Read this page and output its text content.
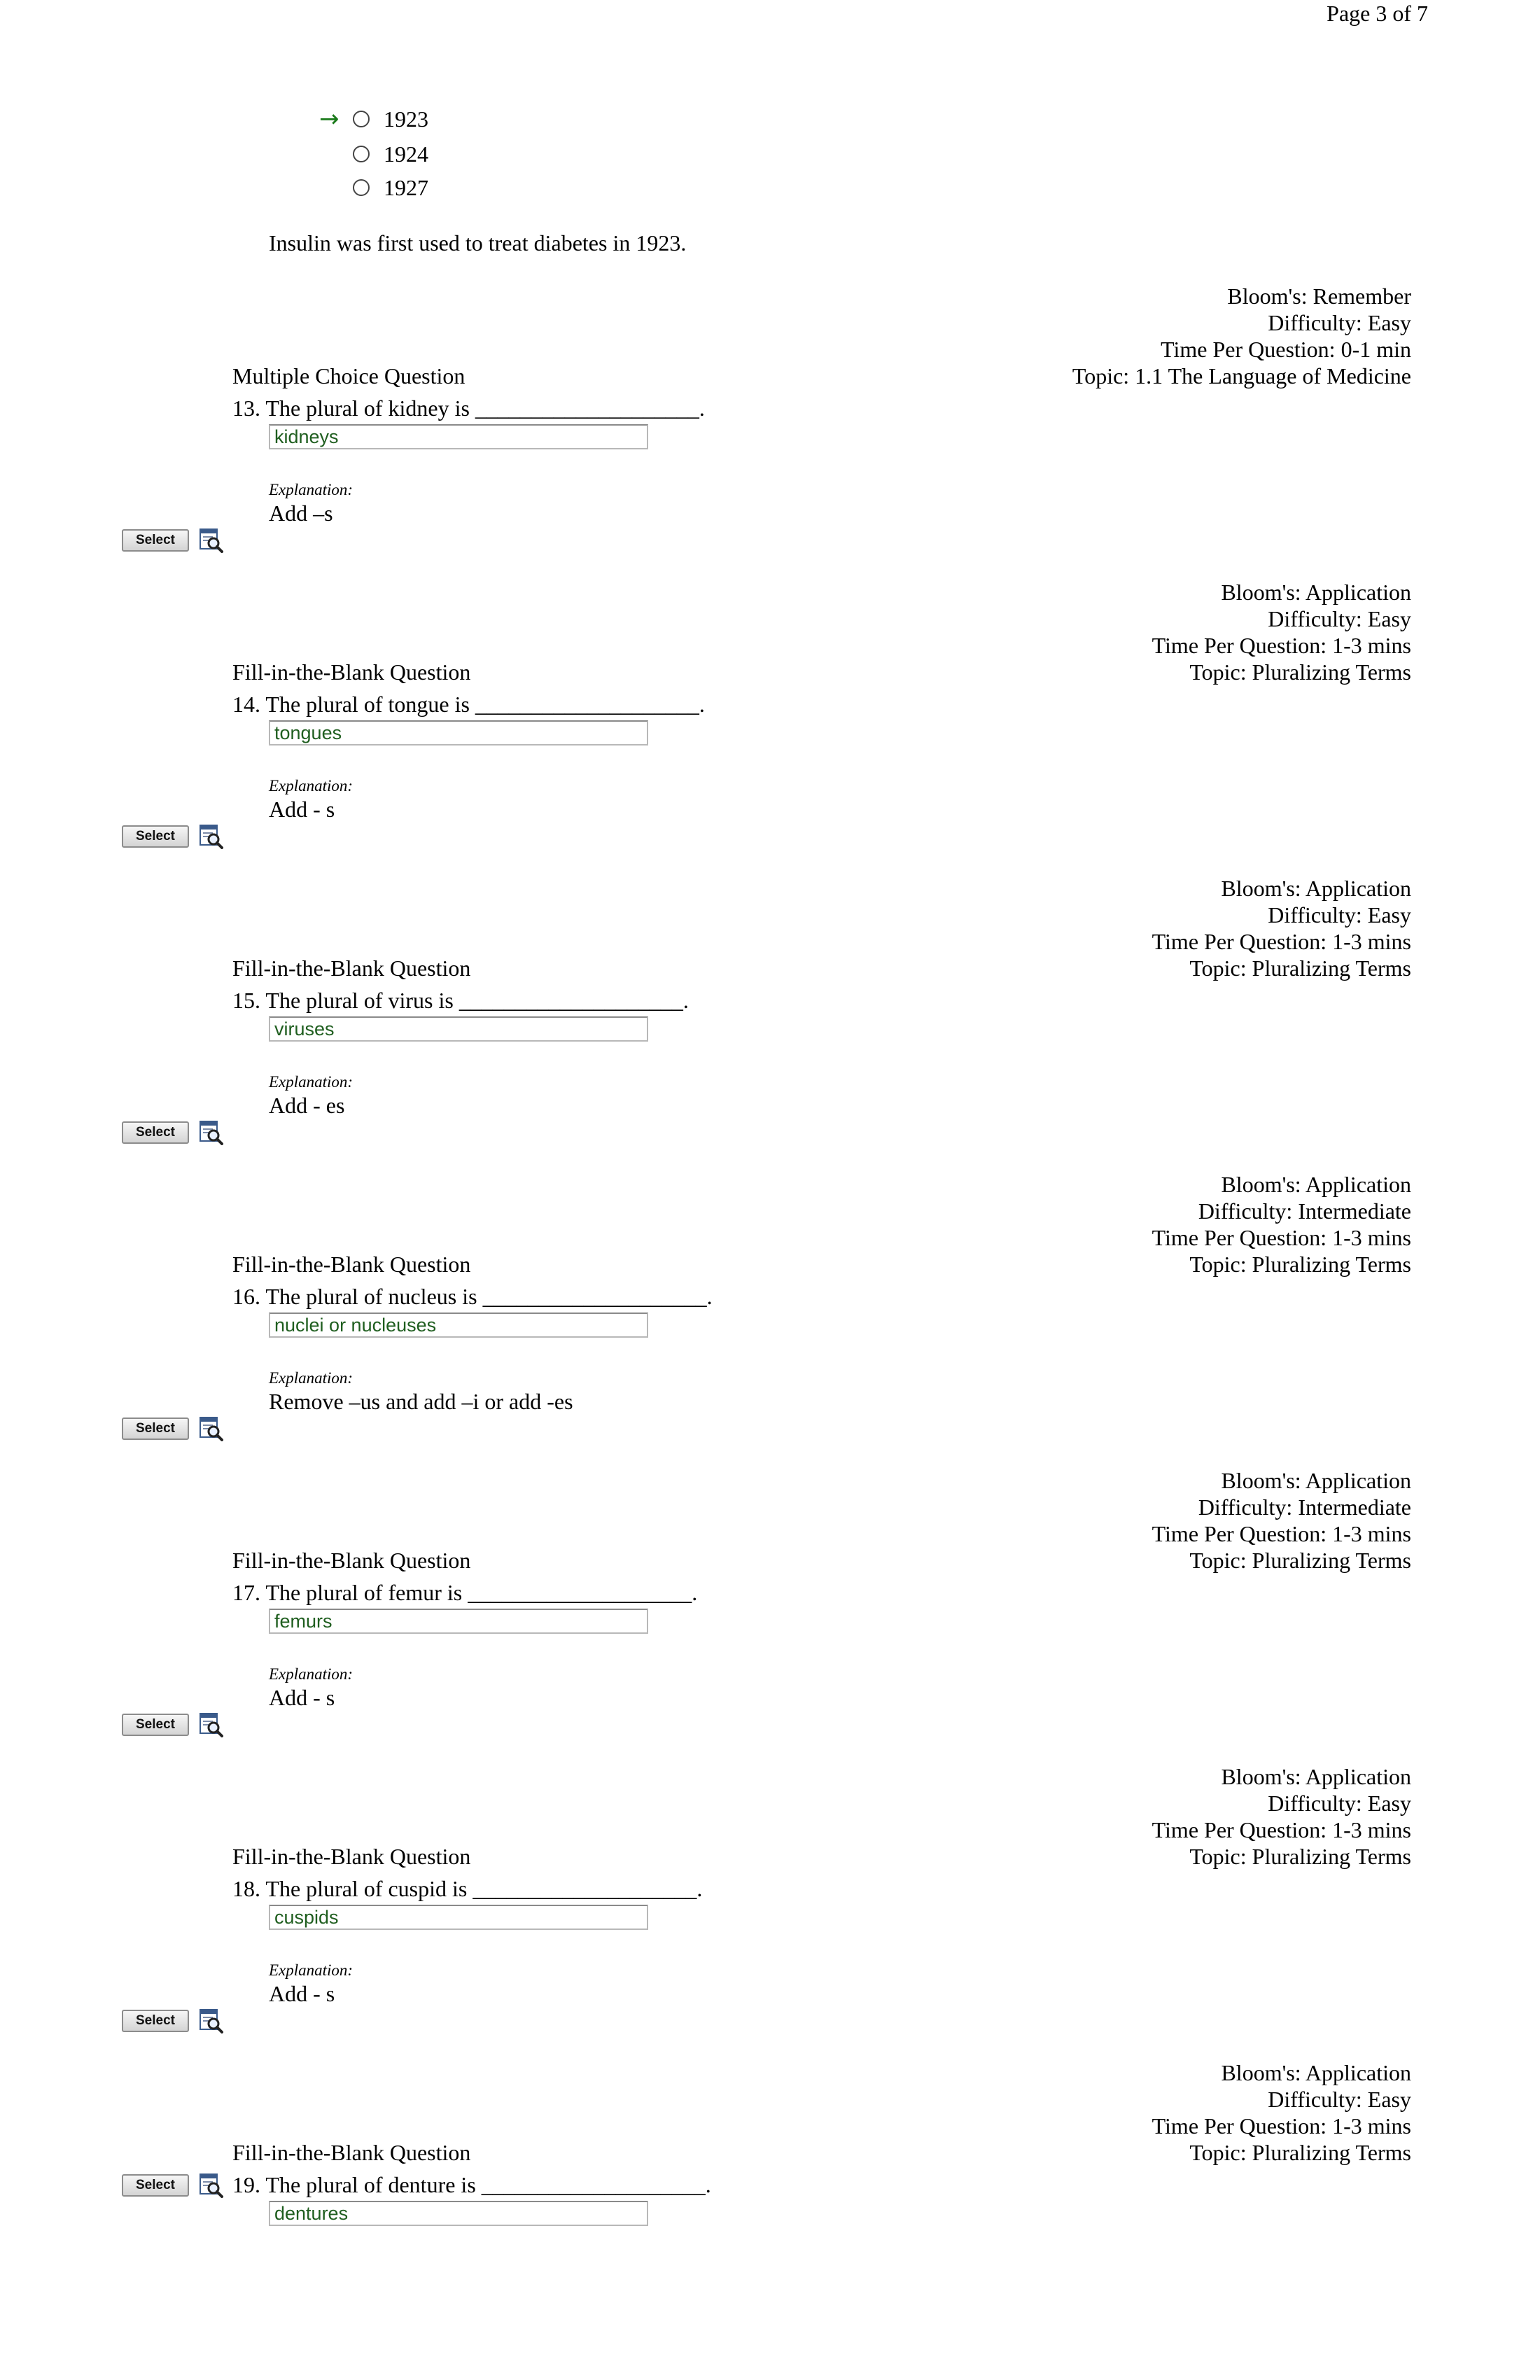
Page 3 of 7
→ 1923
1924
1927
Insulin was first used to treat diabetes in 1923.
Bloom's: Remember
Difficulty: Easy
Time Per Question: 0-1 min
Topic: 1.1 The Language of Medicine
Multiple Choice Question
13. The plural of kidney is ____________________.
kidneys
Explanation:
Add –s
Select
Bloom's: Application
Difficulty: Easy
Time Per Question: 1-3 mins
Topic: Pluralizing Terms
Fill-in-the-Blank Question
14. The plural of tongue is ____________________.
tongues
Explanation:
Add - s
Select
Bloom's: Application
Difficulty: Easy
Time Per Question: 1-3 mins
Topic: Pluralizing Terms
Fill-in-the-Blank Question
15. The plural of virus is ____________________.
viruses
Explanation:
Add - es
Select
Bloom's: Application
Difficulty: Intermediate
Time Per Question: 1-3 mins
Topic: Pluralizing Terms
Fill-in-the-Blank Question
16. The plural of nucleus is ____________________.
nuclei or nucleuses
Explanation:
Remove –us and add –i or add -es
Select
Bloom's: Application
Difficulty: Intermediate
Time Per Question: 1-3 mins
Topic: Pluralizing Terms
Fill-in-the-Blank Question
17. The plural of femur is ____________________.
femurs
Explanation:
Add - s
Select
Bloom's: Application
Difficulty: Easy
Time Per Question: 1-3 mins
Topic: Pluralizing Terms
Fill-in-the-Blank Question
18. The plural of cuspid is ____________________.
cuspids
Explanation:
Add - s
Select
Bloom's: Application
Difficulty: Easy
Time Per Question: 1-3 mins
Topic: Pluralizing Terms
Fill-in-the-Blank Question
19. The plural of denture is ____________________.
dentures
Select
